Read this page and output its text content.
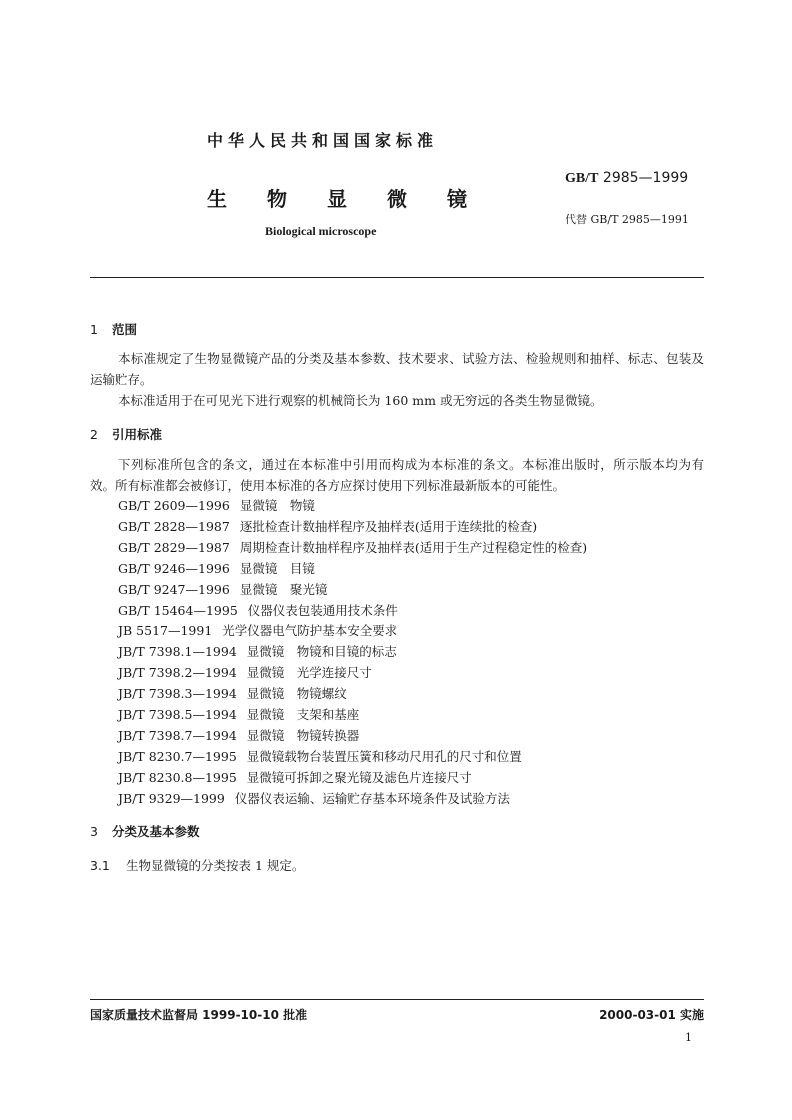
中华人民共和国国家标准
生物显微镜
Biological microscope
GB/T 2985—1999
代替 GB/T 2985—1991
1 范围

本标准规定了生物显微镜产品的分类及基本参数、技术要求、试验方法、检验规则和抽样、标志、包装及运输贮存。

本标准适用于在可见光下进行观察的机械筒长为 160 mm 或无穷远的各类生物显微镜。

2 引用标准

下列标准所包含的条文，通过在本标准中引用而构成为本标准的条文。本标准出版时，所示版本均为有效。所有标准都会被修订，使用本标准的各方应探讨使用下列标准最新版本的可能性。

GB/T 2609—1996 显微镜　物镜
GB/T 2828—1987 逐批检查计数抽样程序及抽样表(适用于连续批的检查)
GB/T 2829—1987 周期检查计数抽样程序及抽样表(适用于生产过程稳定性的检查)
GB/T 9246—1996 显微镜　目镜
GB/T 9247—1996 显微镜　聚光镜
GB/T 15464—1995 仪器仪表包装通用技术条件
JB 5517—1991 光学仪器电气防护基本安全要求
JB/T 7398.1—1994 显微镜　物镜和目镜的标志
JB/T 7398.2—1994 显微镜　光学连接尺寸
JB/T 7398.3—1994 显微镜　物镜螺纹
JB/T 7398.5—1994 显微镜　支架和基座
JB/T 7398.7—1994 显微镜　物镜转换器
JB/T 8230.7—1995 显微镜载物台装置压簧和移动尺用孔的尺寸和位置
JB/T 8230.8—1995 显微镜可拆卸之聚光镜及滤色片连接尺寸
JB/T 9329—1999 仪器仪表运输、运输贮存基本环境条件及试验方法
3 分类及基本参数
3.1 生物显微镜的分类按表 1 规定。
国家质量技术监督局 1999-10-10 批准	2000-03-01 实施
1
